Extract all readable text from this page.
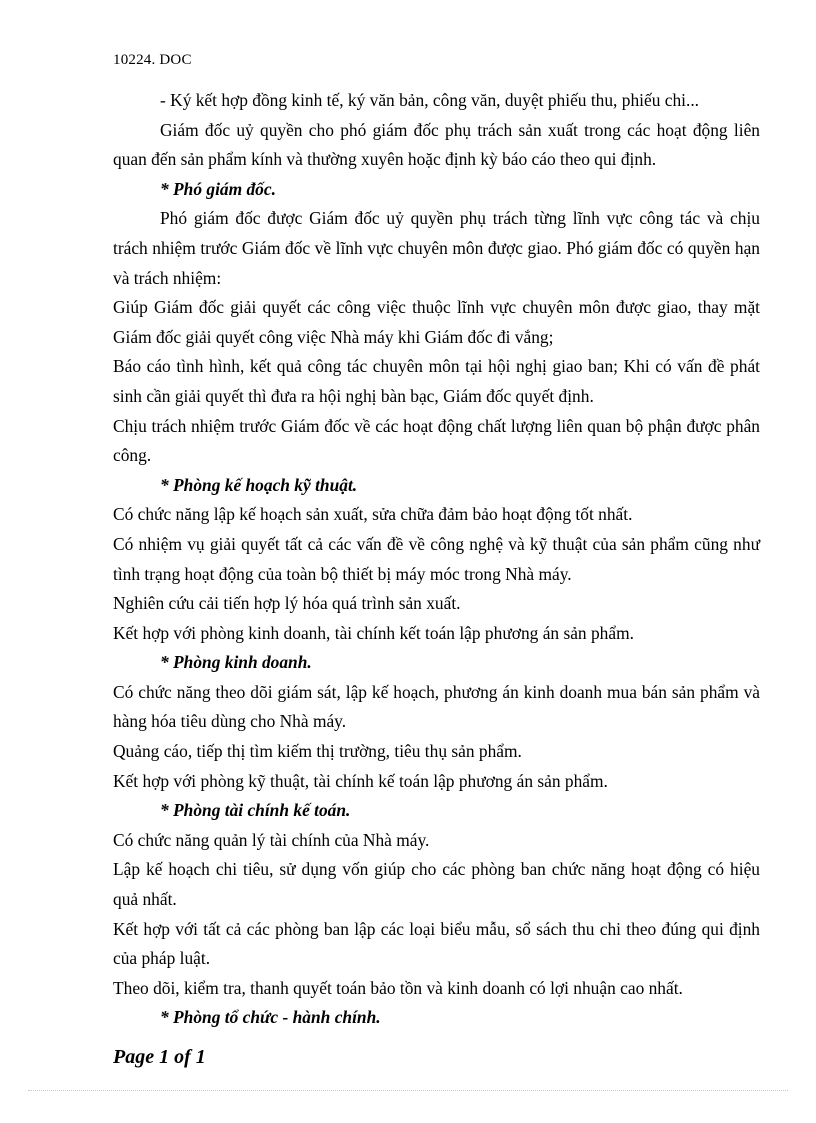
10224. DOC

- Ký kết hợp đồng kinh tế, ký văn bản, công văn, duyệt phiếu thu, phiếu chi...

Giám đốc uỷ quyền cho phó giám đốc phụ trách sản xuất trong các hoạt động liên quan đến sản phẩm kính và thường xuyên hoặc định kỳ báo cáo theo qui định.

* Phó giám đốc.

Phó giám đốc được Giám đốc uỷ quyền phụ trách từng lĩnh vực công tác và chịu trách nhiệm trước Giám đốc về lĩnh vực chuyên môn được giao. Phó giám đốc có quyền hạn và trách nhiệm:

Giúp Giám đốc giải quyết các công việc thuộc lĩnh vực chuyên môn được giao, thay mặt Giám đốc giải quyết công việc Nhà máy khi Giám đốc đi vắng;

Báo cáo tình hình, kết quả công tác chuyên môn tại hội nghị giao ban; Khi có vấn đề phát sinh cần giải quyết thì đưa ra hội nghị bàn bạc, Giám đốc quyết định.

Chịu trách nhiệm trước Giám đốc về các hoạt động chất lượng liên quan bộ phận được phân công.

* Phòng kế hoạch kỹ thuật.

Có chức năng lập kế hoạch sản xuất, sửa chữa đảm bảo hoạt động tốt nhất.

Có nhiệm vụ giải quyết tất cả các vấn đề về công nghệ và kỹ thuật của sản phẩm cũng như tình trạng hoạt động của toàn bộ thiết bị máy móc trong Nhà máy.

Nghiên cứu cải tiến hợp lý hóa quá trình sản xuất.

Kết hợp với phòng kinh doanh, tài chính kết toán lập phương án sản phẩm.

* Phòng kinh doanh.

Có chức năng theo dõi giám sát, lập kế hoạch, phương án kinh doanh mua bán sản phẩm và hàng hóa tiêu dùng cho Nhà máy.

Quảng cáo, tiếp thị tìm kiếm thị trường, tiêu thụ sản phẩm.

Kết hợp với phòng kỹ thuật, tài chính kế toán lập phương án sản phẩm.

* Phòng tài chính kế toán.

Có chức năng quản lý tài chính của Nhà máy.

Lập kế hoạch chi tiêu, sử dụng vốn giúp cho các phòng ban chức năng hoạt động có hiệu quả nhất.

Kết hợp với tất cả các phòng ban lập các loại biểu mẫu, sổ sách thu chi theo đúng qui định của pháp luật.

Theo dõi, kiểm tra, thanh quyết toán bảo tồn và kinh doanh có lợi nhuận cao nhất.

* Phòng tổ chức - hành chính.

Page 1 of 1
